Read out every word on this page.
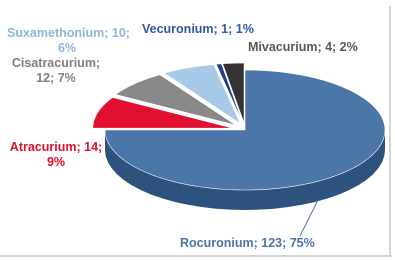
Suxamethonium; 10;
6%
Vecuronium; 1; 1%
Mivacurium; 4; 2%
Cisatracurium;
12; 7%
Atracurium; 14;
9%
Rocuronium; 123; 75%
